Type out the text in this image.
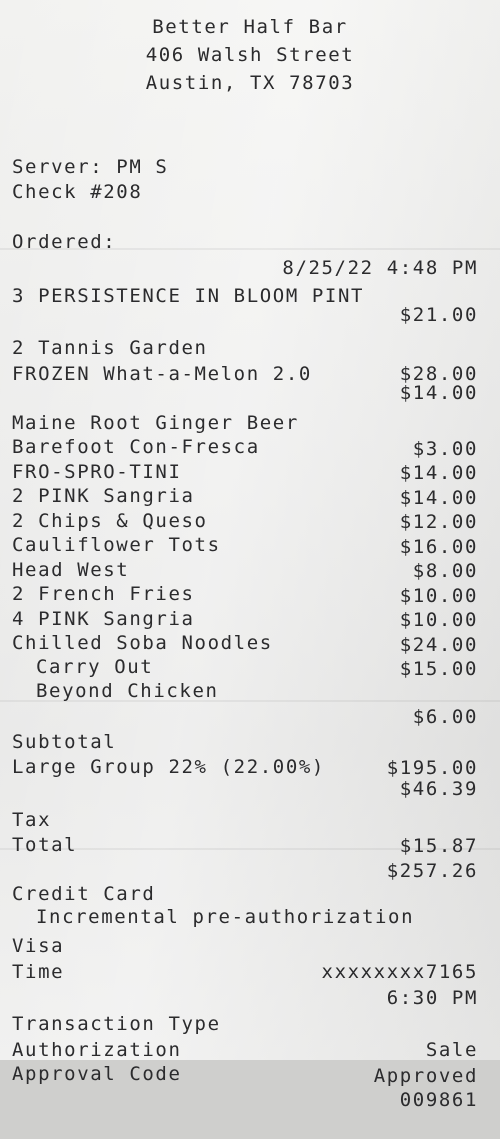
Better Half Bar
406 Walsh Street
Austin, TX 78703

Server: PM S

Check #208

Ordered:

8/25/22 4:48 PM

3 PERSISTENCE IN BLOOM PINT

$21.00

2 Tannis Garden

$28.00

FROZEN What-a-Melon 2.0

$14.00

Maine Root Ginger Beer

$3.00

Barefoot Con-Fresca

$14.00

FRO-SPRO-TINI

$14.00

2 PINK Sangria

$12.00

2 Chips & Queso

$16.00

Cauliflower Tots

$8.00

Head West

$10.00

2 French Fries

$10.00

4 PINK Sangria

$24.00

Chilled Soba Noodles

$15.00

Carry Out

Beyond Chicken

$6.00

Subtotal

$195.00

Large Group 22% (22.00%)

$46.39

Tax

$15.87

Total

$257.26

Credit Card

Incremental pre-authorization

Visa

xxxxxxxx7165

Time

6:30 PM

Transaction Type

Sale

Authorization

Approved

Approval Code

009861
